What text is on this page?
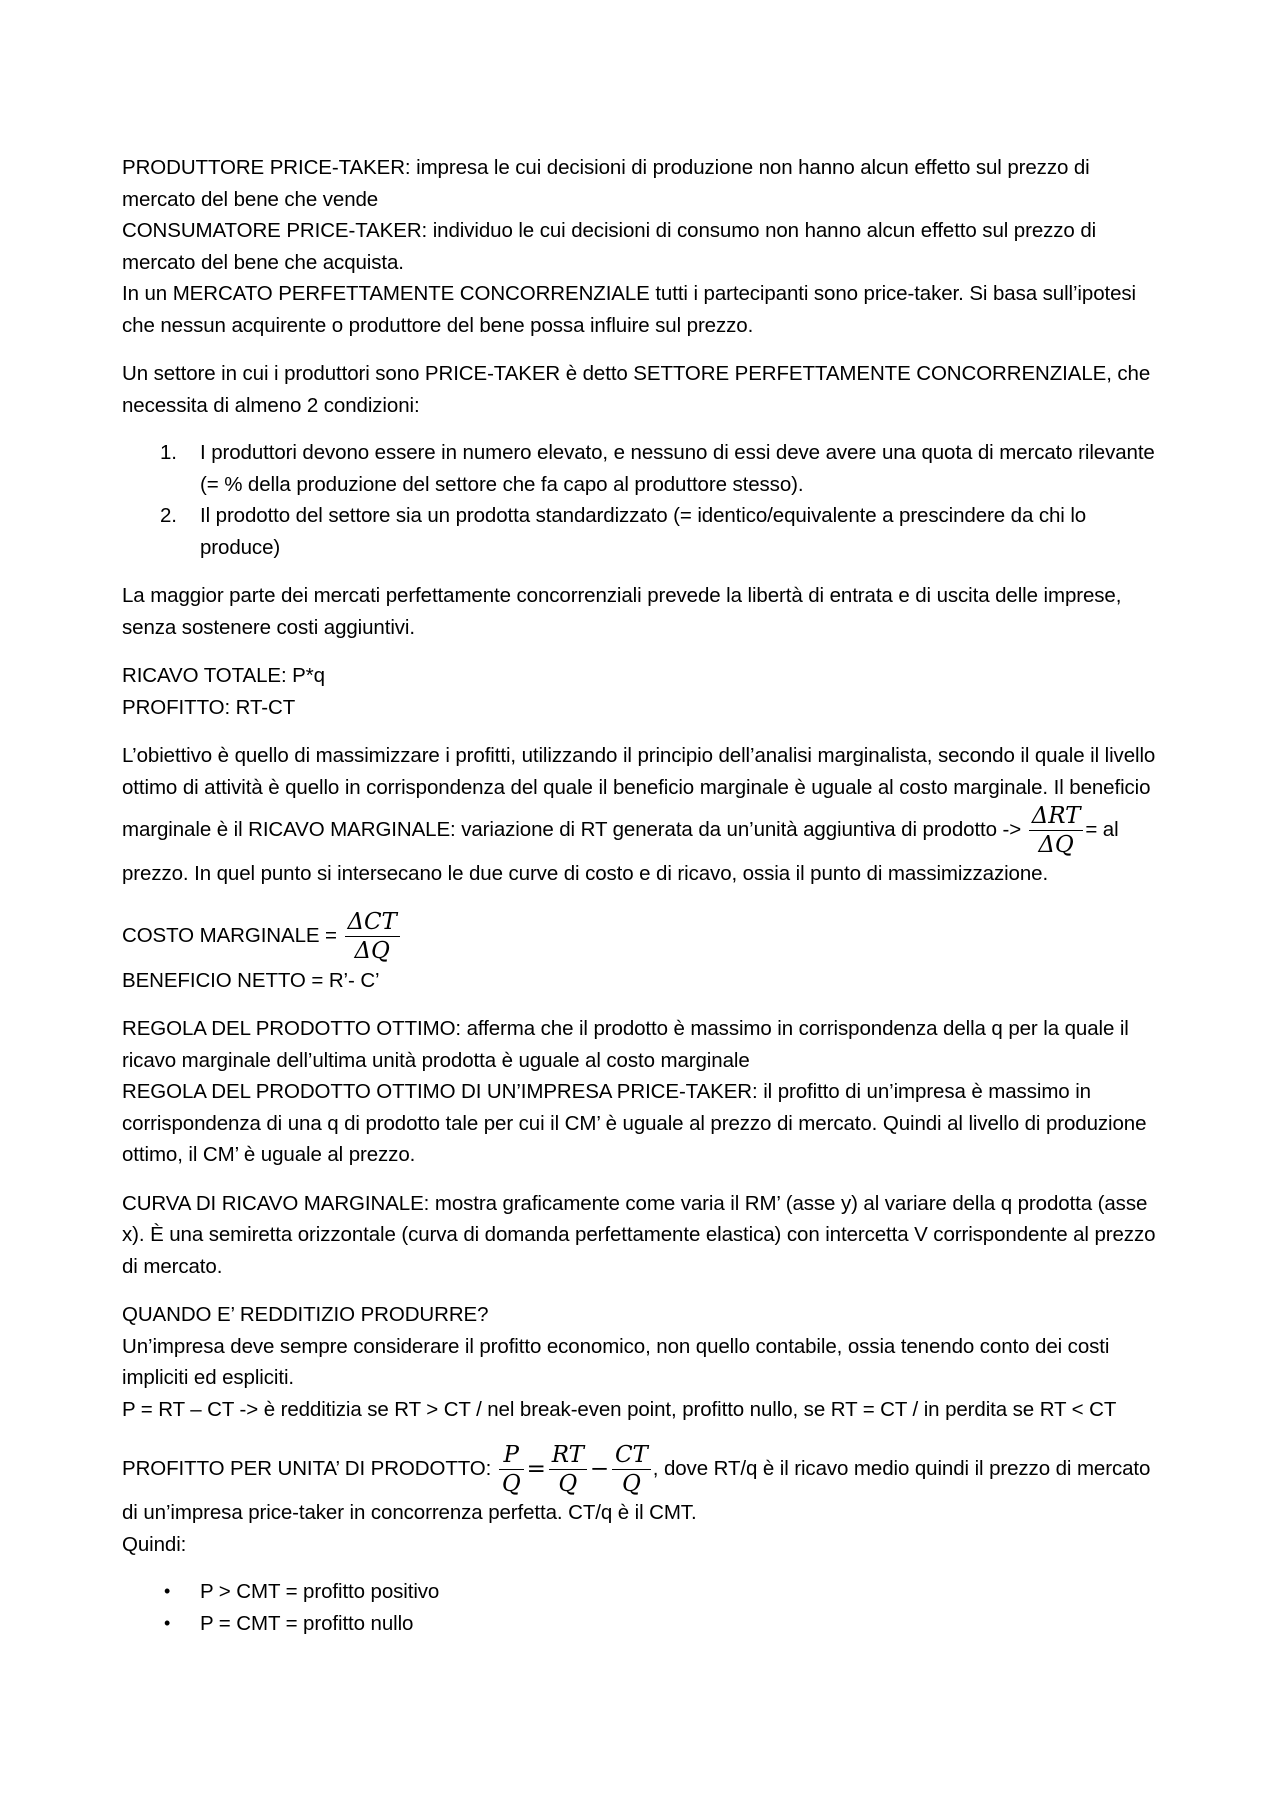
PRODUTTORE PRICE-TAKER: impresa le cui decisioni di produzione non hanno alcun effetto sul prezzo di mercato del bene che vende

CONSUMATORE PRICE-TAKER: individuo le cui decisioni di consumo non hanno alcun effetto sul prezzo di mercato del bene che acquista.

In un MERCATO PERFETTAMENTE CONCORRENZIALE tutti i partecipanti sono price-taker. Si basa sull’ipotesi che nessun acquirente o produttore del bene possa influire sul prezzo.

Un settore in cui i produttori sono PRICE-TAKER è detto SETTORE PERFETTAMENTE CONCORRENZIALE, che necessita di almeno 2 condizioni:

1. I produttori devono essere in numero elevato, e nessuno di essi deve avere una quota di mercato rilevante (= % della produzione del settore che fa capo al produttore stesso).
2. Il prodotto del settore sia un prodotta standardizzato (= identico/equivalente a prescindere da chi lo produce)

La maggior parte dei mercati perfettamente concorrenziali prevede la libertà di entrata e di uscita delle imprese, senza sostenere costi aggiuntivi.

RICAVO TOTALE: P*q

PROFITTO: RT-CT

L’obiettivo è quello di massimizzare i profitti, utilizzando il principio dell’analisi marginalista, secondo il quale il livello ottimo di attività è quello in corrispondenza del quale il beneficio marginale è uguale al costo marginale. Il beneficio marginale è il RICAVO MARGINALE: variazione di RT generata da un’unità aggiuntiva di prodotto -> $\frac{\text{ΔRT}}{\Delta Q}$ = al prezzo. In quel punto si intersecano le due curve di costo e di ricavo, ossia il punto di massimizzazione.

COSTO MARGINALE = $\frac{\text{ΔCT}}{\Delta Q}$

BENEFICIO NETTO = R’- C’

REGOLA DEL PRODOTTO OTTIMO: afferma che il prodotto è massimo in corrispondenza della q per la quale il ricavo marginale dell’ultima unità prodotta è uguale al costo marginale

REGOLA DEL PRODOTTO OTTIMO DI UN’IMPRESA PRICE-TAKER: il profitto di un’impresa è massimo in corrispondenza di una q di prodotto tale per cui il CM’ è uguale al prezzo di mercato. Quindi al livello di produzione ottimo, il CM’ è uguale al prezzo.

CURVA DI RICAVO MARGINALE: mostra graficamente come varia il RM’ (asse y) al variare della q prodotta (asse x). È una semiretta orizzontale (curva di domanda perfettamente elastica) con intercetta V corrispondente al prezzo di mercato.

QUANDO E’ REDDITIZIO PRODURRE?

Un’impresa deve sempre considerare il profitto economico, non quello contabile, ossia tenendo conto dei costi impliciti ed espliciti.

P = RT – CT -> è redditizia se RT > CT / nel break-even point, profitto nullo, se RT = CT / in perdita se RT < CT

PROFITTO PER UNITA’ DI PRODOTTO: $\frac{P}{Q} = \frac{RT}{Q} - \frac{CT}{Q}$ , dove RT/q è il ricavo medio quindi il prezzo di mercato di un’impresa price-taker in concorrenza perfetta. CT/q è il CMT.

Quindi:

• P > CMT = profitto positivo
• P = CMT = profitto nullo
